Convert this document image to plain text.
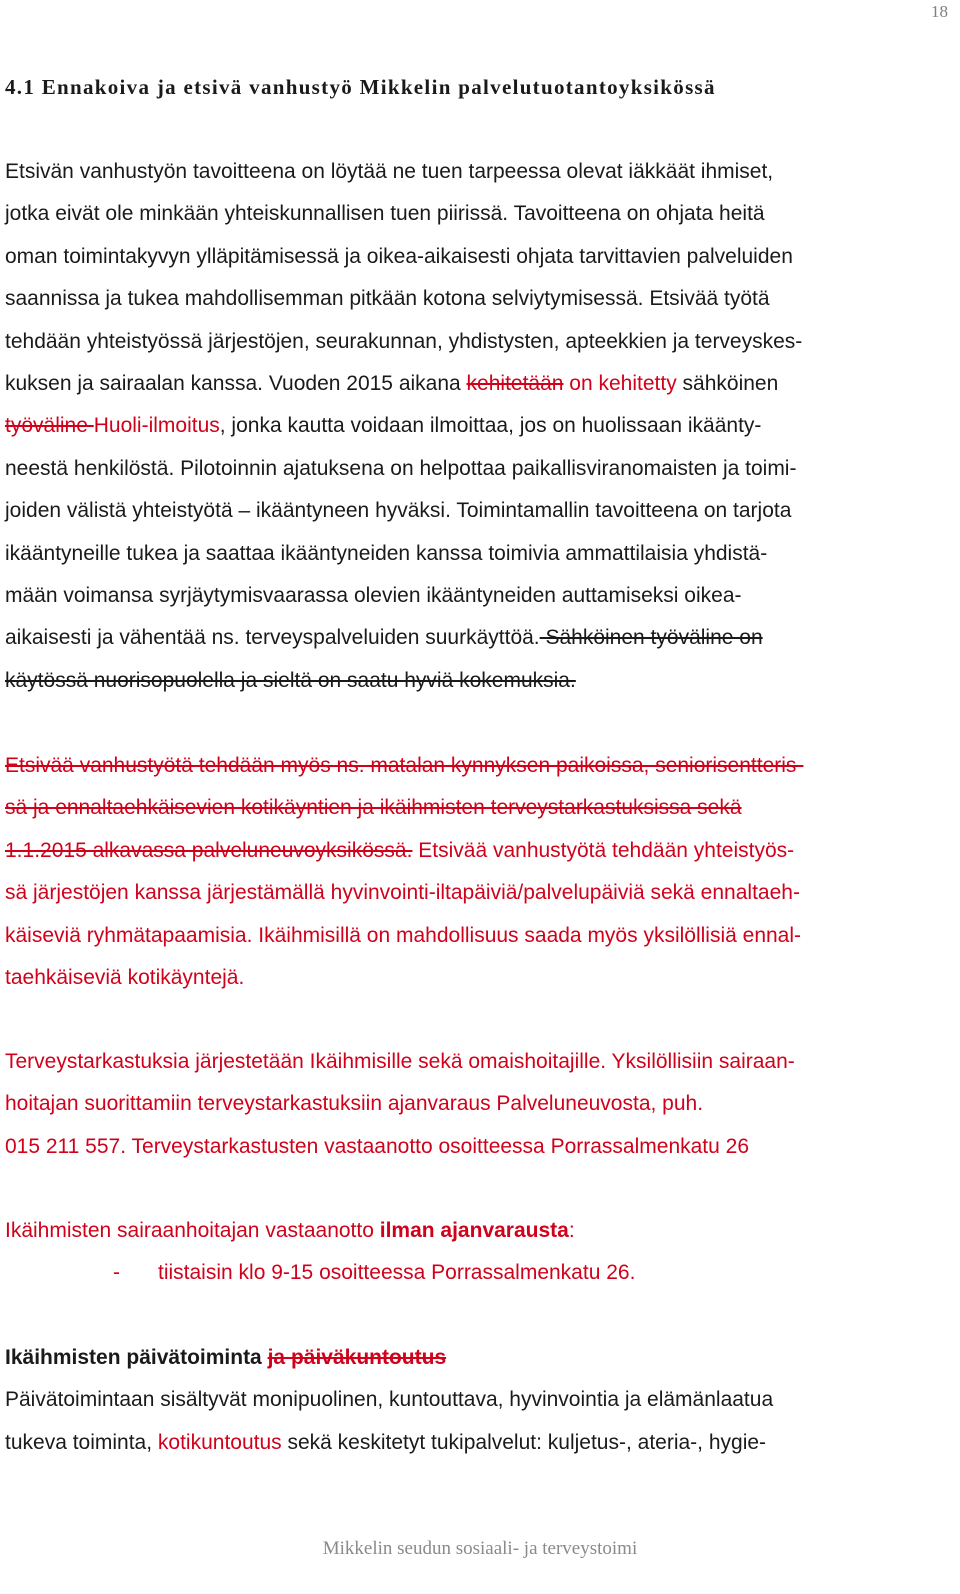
18
4.1 Ennakoiva ja etsivä vanhustyö Mikkelin palvelutuotantoyksikössä
Etsivän vanhustyön tavoitteena on löytää ne tuen tarpeessa olevat iäkkäät ihmiset,
jotka eivät ole minkään yhteiskunnallisen tuen piirissä. Tavoitteena on ohjata heitä
oman toimintakyvyn ylläpitämisessä ja oikea-aikaisesti ohjata tarvittavien palveluiden
saannissa ja tukea mahdollisemman pitkään kotona selviytymisessä. Etsivää työtä
tehdään yhteistyössä järjestöjen, seurakunnan, yhdistysten, apteekkien ja terveyskes-
kuksen ja sairaalan kanssa. Vuoden 2015 aikana kehitetään on kehitetty sähköinen
työväline Huoli-ilmoitus, jonka kautta voidaan ilmoittaa, jos on huolissaan ikäänty-
neestä henkilöstä. Pilotoinnin ajatuksena on helpottaa paikallisviranomaisten ja toimi-
joiden välistä yhteistyötä – ikääntyneen hyväksi. Toimintamallin tavoitteena on tarjota
ikääntyneille tukea ja saattaa ikääntyneiden kanssa toimivia ammattilaisia yhdistä-
mään voimansa syrjäytymisvaarassa olevien ikääntyneiden auttamiseksi oikea-
aikaisesti ja vähentää ns. terveyspalveluiden suurkäyttöä. Sähköinen työväline on
käytössä nuorisopuolella ja sieltä on saatu hyviä kokemuksia.
Etsivää vanhustyötä tehdään myös ns. matalan kynnyksen paikoissa, seniorisentteris-
sä ja ennaltaehkäisevien kotikäyntien ja ikäihmisten terveystarkastuksissa sekä
1.1.2015 alkavassa palveluneuvoyksikössä. Etsivää vanhustyötä tehdään yhteistyös-
sä järjestöjen kanssa järjestämällä hyvinvointi-iltapäiviä/palvelupäiviä sekä ennaltaeh-
käiseviä ryhmätapaamisia. Ikäihmisillä on mahdollisuus saada myös yksilöllisiä ennal-
taehkäiseviä kotikäyntejä.
Terveystarkastuksia järjestetään Ikäihmisille sekä omaishoitajille. Yksilöllisiin sairaan-
hoitajan suorittamiin terveystarkastuksiin ajanvaraus Palveluneuvosta, puh.
015 211 557. Terveystarkastusten vastaanotto osoitteessa Porrassalmenkatu 26
Ikäihmisten sairaanhoitajan vastaanotto ilman ajanvarausta:
- tiistaisin klo 9-15 osoitteessa Porrassalmenkatu 26.
Ikäihmisten päivätoiminta ja päiväkuntoutus
Päivätoimintaan sisältyvät monipuolinen, kuntouttava, hyvinvointia ja elämänlaatua
tukeva toiminta, kotikuntoutus sekä keskitetyt tukipalvelut: kuljetus-, ateria-, hygie-
Mikkelin seudun sosiaali- ja terveystoimi
